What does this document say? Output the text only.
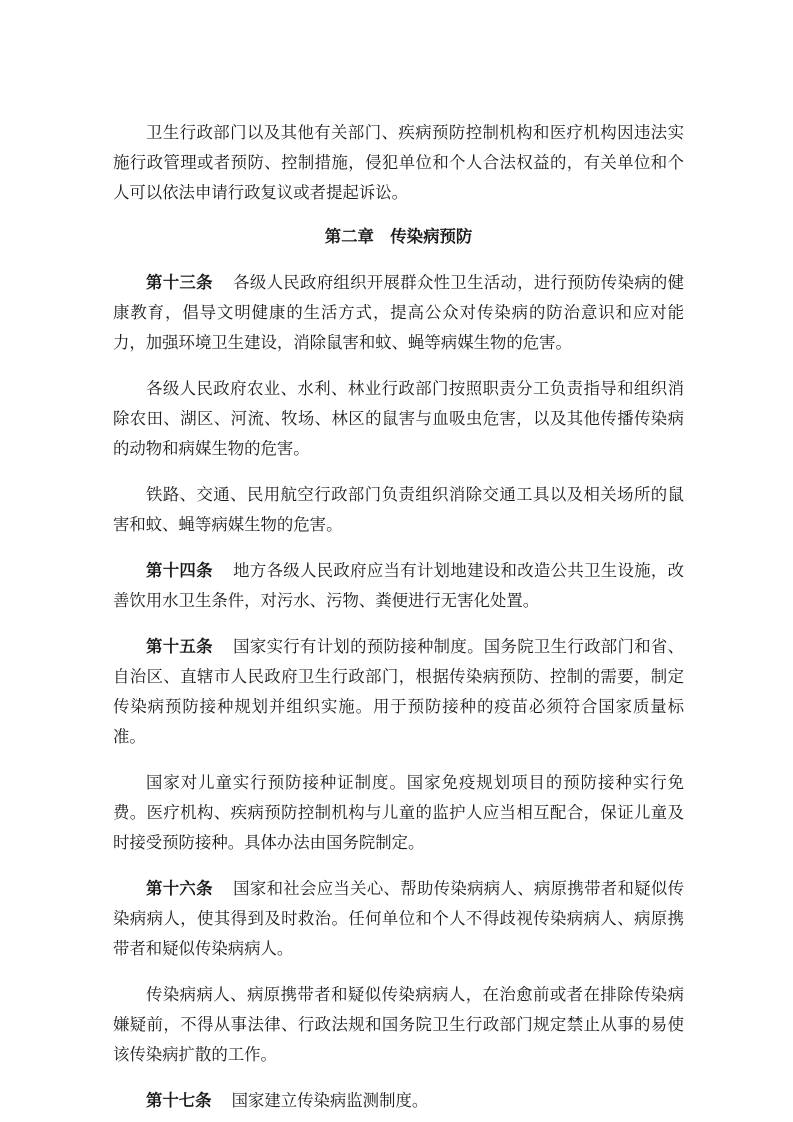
卫生行政部门以及其他有关部门、疾病预防控制机构和医疗机构因违法实施行政管理或者预防、控制措施，侵犯单位和个人合法权益的，有关单位和个人可以依法申请行政复议或者提起诉讼。

第二章　传染病预防

第十三条 各级人民政府组织开展群众性卫生活动，进行预防传染病的健康教育，倡导文明健康的生活方式，提高公众对传染病的防治意识和应对能力，加强环境卫生建设，消除鼠害和蚊、蝇等病媒生物的危害。

各级人民政府农业、水利、林业行政部门按照职责分工负责指导和组织消除农田、湖区、河流、牧场、林区的鼠害与血吸虫危害，以及其他传播传染病的动物和病媒生物的危害。

铁路、交通、民用航空行政部门负责组织消除交通工具以及相关场所的鼠害和蚊、蝇等病媒生物的危害。

第十四条 地方各级人民政府应当有计划地建设和改造公共卫生设施，改善饮用水卫生条件，对污水、污物、粪便进行无害化处置。

第十五条 国家实行有计划的预防接种制度。国务院卫生行政部门和省、自治区、直辖市人民政府卫生行政部门，根据传染病预防、控制的需要，制定传染病预防接种规划并组织实施。用于预防接种的疫苗必须符合国家质量标准。

国家对儿童实行预防接种证制度。国家免疫规划项目的预防接种实行免费。医疗机构、疾病预防控制机构与儿童的监护人应当相互配合，保证儿童及时接受预防接种。具体办法由国务院制定。

第十六条 国家和社会应当关心、帮助传染病病人、病原携带者和疑似传染病病人，使其得到及时救治。任何单位和个人不得歧视传染病病人、病原携带者和疑似传染病病人。

传染病病人、病原携带者和疑似传染病病人，在治愈前或者在排除传染病嫌疑前，不得从事法律、行政法规和国务院卫生行政部门规定禁止从事的易使该传染病扩散的工作。

第十七条 国家建立传染病监测制度。
